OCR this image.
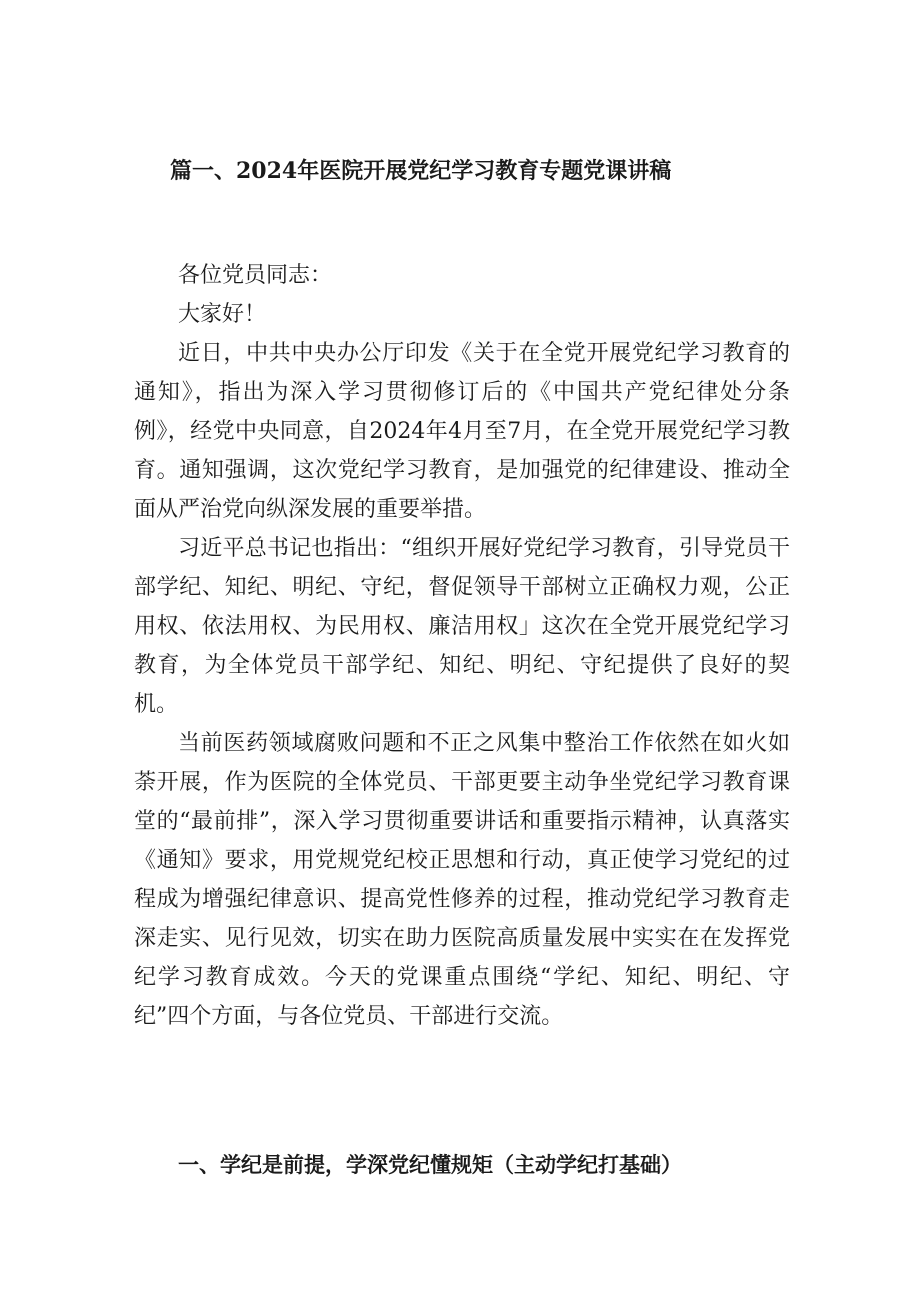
篇一、2024年医院开展党纪学习教育专题党课讲稿

各位党员同志：

大家好！

近日，中共中央办公厅印发《关于在全党开展党纪学习教育的通知》，指出为深入学习贯彻修订后的《中国共产党纪律处分条例》，经党中央同意，自2024年4月至7月，在全党开展党纪学习教育。通知强调，这次党纪学习教育，是加强党的纪律建设、推动全面从严治党向纵深发展的重要举措。

习近平总书记也指出：“组织开展好党纪学习教育，引导党员干部学纪、知纪、明纪、守纪，督促领导干部树立正确权力观，公正用权、依法用权、为民用权、廉洁用权」这次在全党开展党纪学习教育，为全体党员干部学纪、知纪、明纪、守纪提供了良好的契机。

当前医药领域腐败问题和不正之风集中整治工作依然在如火如荼开展，作为医院的全体党员、干部更要主动争坐党纪学习教育课堂的“最前排”，深入学习贯彻重要讲话和重要指示精神，认真落实《通知》要求，用党规党纪校正思想和行动，真正使学习党纪的过程成为增强纪律意识、提高党性修养的过程，推动党纪学习教育走深走实、见行见效，切实在助力医院高质量发展中实实在在发挥党纪学习教育成效。今天的党课重点围绕“学纪、知纪、明纪、守纪”四个方面，与各位党员、干部进行交流。

一、学纪是前提，学深党纪懂规矩（主动学纪打基础）
